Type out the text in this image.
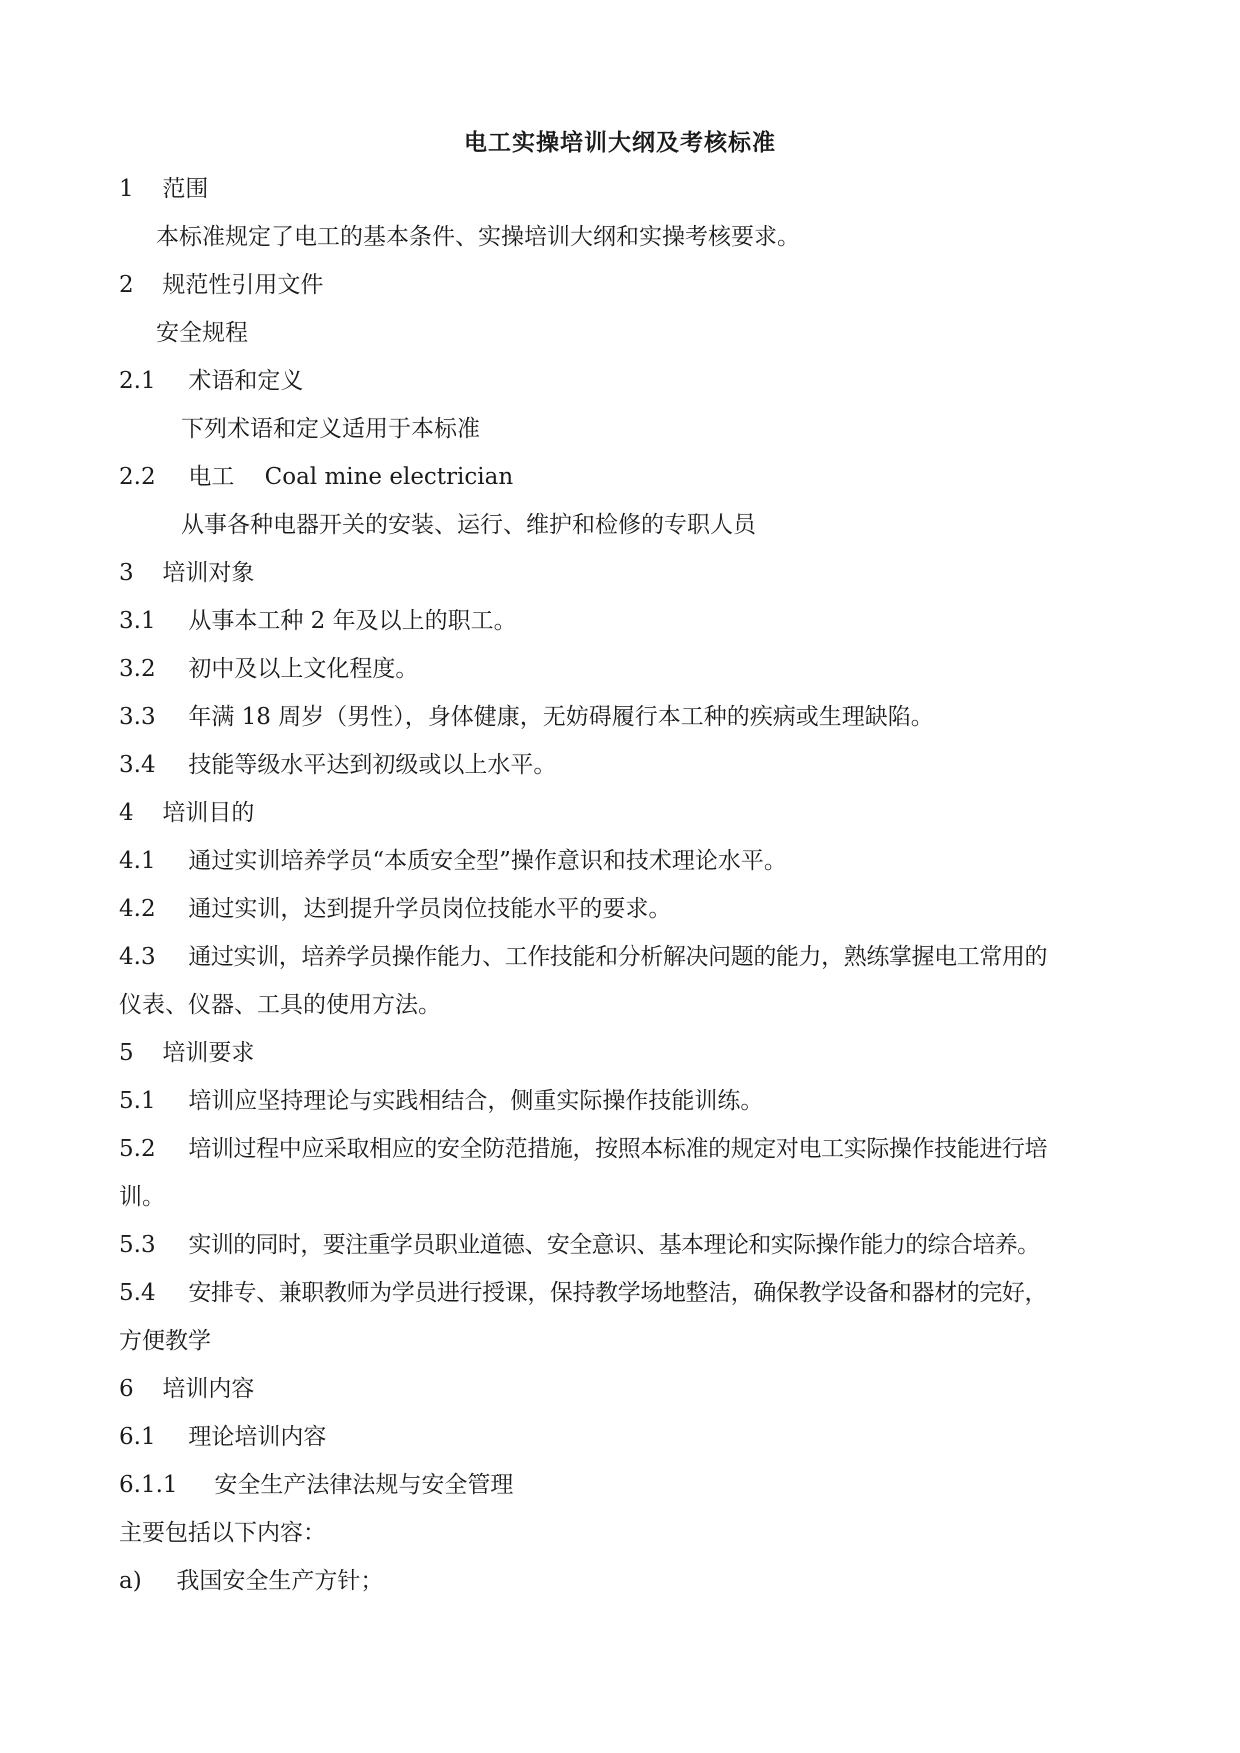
电工实操培训大纲及考核标准
1 范围
本标准规定了电工的基本条件、实操培训大纲和实操考核要求。
2 规范性引用文件
安全规程
2.1 术语和定义
下列术语和定义适用于本标准
2.2 电工　 Coal mine electrician
从事各种电器开关的安装、运行、维护和检修的专职人员
3 培训对象
3.1 从事本工种 2 年及以上的职工。
3.2 初中及以上文化程度。
3.3 年满 18 周岁（男性），身体健康，无妨碍履行本工种的疾病或生理缺陷。
3.4 技能等级水平达到初级或以上水平。
4 培训目的
4.1 通过实训培养学员“本质安全型”操作意识和技术理论水平。
4.2 通过实训，达到提升学员岗位技能水平的要求。
4.3 通过实训，培养学员操作能力、工作技能和分析解决问题的能力，熟练掌握电工常用的
仪表、仪器、工具的使用方法。
5 培训要求
5.1 培训应坚持理论与实践相结合，侧重实际操作技能训练。
5.2 培训过程中应采取相应的安全防范措施，按照本标准的规定对电工实际操作技能进行培
训。
5.3 实训的同时，要注重学员职业道德、安全意识、基本理论和实际操作能力的综合培养。
5.4 安排专、兼职教师为学员进行授课，保持教学场地整洁，确保教学设备和器材的完好，
方便教学
6 培训内容
6.1 理论培训内容
6.1.1 安全生产法律法规与安全管理
主要包括以下内容：
a) 我国安全生产方针；
